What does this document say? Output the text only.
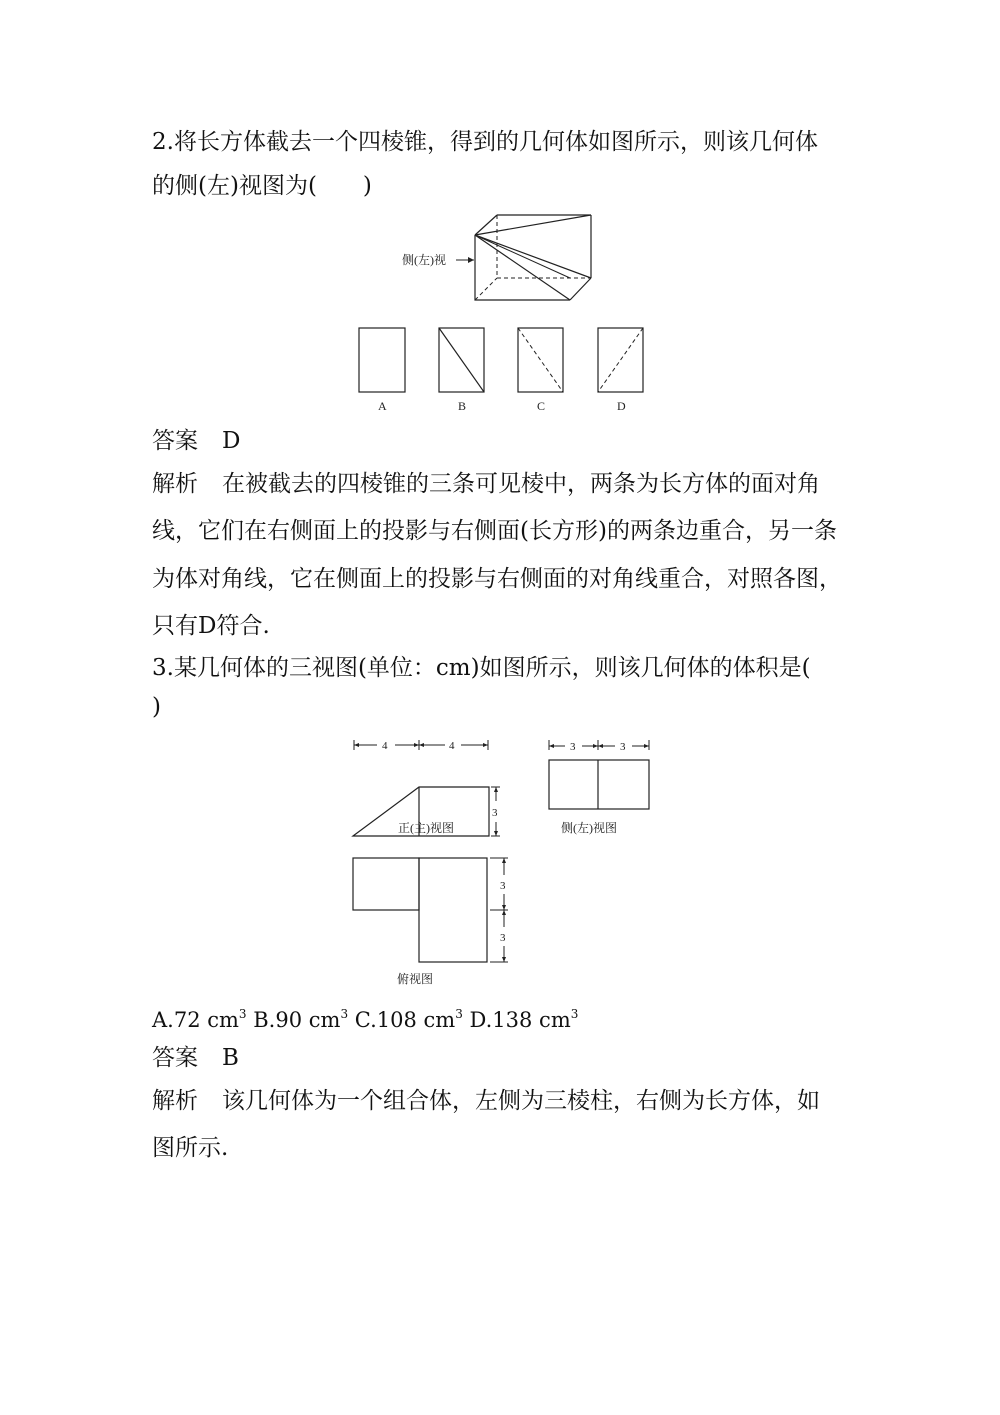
2.将长方体截去一个四棱锥，得到的几何体如图所示，则该几何体
的侧(左)视图为(　　)
侧(左)视
A	B	C	D
答案 D
解析 在被截去的四棱锥的三条可见棱中，两条为长方体的面对角
线，它们在右侧面上的投影与右侧面(长方形)的两条边重合，另一条
为体对角线，它在侧面上的投影与右侧面的对角线重合，对照各图，
只有D符合.
3.某几何体的三视图(单位：cm)如图所示，则该几何体的体积是(
)
4	4
3
3	3
3
3
正(主)视图	侧(左)视图
俯视图
A.72 $cm^3$ B.90 $cm^3$ C.108 $cm^3$ D.138 $cm^3$
答案 B
解析 该几何体为一个组合体，左侧为三棱柱，右侧为长方体，如
图所示.
